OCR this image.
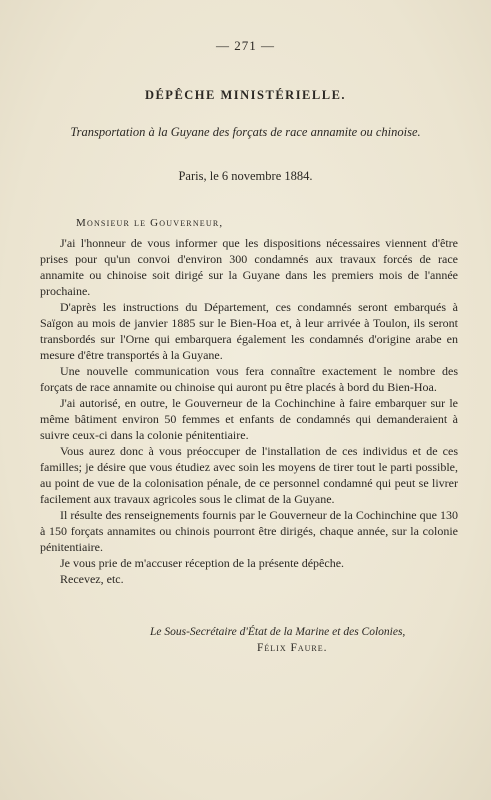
— 271 —
DÉPÊCHE MINISTÉRIELLE.
Transportation à la Guyane des forçats de race annamite ou chinoise.
Paris, le 6 novembre 1884.
Monsieur le Gouverneur,

J'ai l'honneur de vous informer que les dispositions nécessaires viennent d'être prises pour qu'un convoi d'environ 300 condamnés aux travaux forcés de race annamite ou chinoise soit dirigé sur la Guyane dans les premiers mois de l'année prochaine.

D'après les instructions du Département, ces condamnés seront embarqués à Saïgon au mois de janvier 1885 sur le Bien-Hoa et, à leur arrivée à Toulon, ils seront transbordés sur l'Orne qui embarquera également les condamnés d'origine arabe en mesure d'être transportés à la Guyane.

Une nouvelle communication vous fera connaître exactement le nombre des forçats de race annamite ou chinoise qui auront pu être placés à bord du Bien-Hoa.

J'ai autorisé, en outre, le Gouverneur de la Cochinchine à faire embarquer sur le même bâtiment environ 50 femmes et enfants de condamnés qui demanderaient à suivre ceux-ci dans la colonie pénitentiaire.

Vous aurez donc à vous préoccuper de l'installation de ces individus et de ces familles; je désire que vous étudiez avec soin les moyens de tirer tout le parti possible, au point de vue de la colonisation pénale, de ce personnel condamné qui peut se livrer facilement aux travaux agricoles sous le climat de la Guyane.

Il résulte des renseignements fournis par le Gouverneur de la Cochinchine que 130 à 150 forçats annamites ou chinois pourront être dirigés, chaque année, sur la colonie pénitentiaire.

Je vous prie de m'accuser réception de la présente dépêche.

Recevez, etc.

Le Sous-Secrétaire d'État de la Marine et des Colonies,
Félix Faure.
